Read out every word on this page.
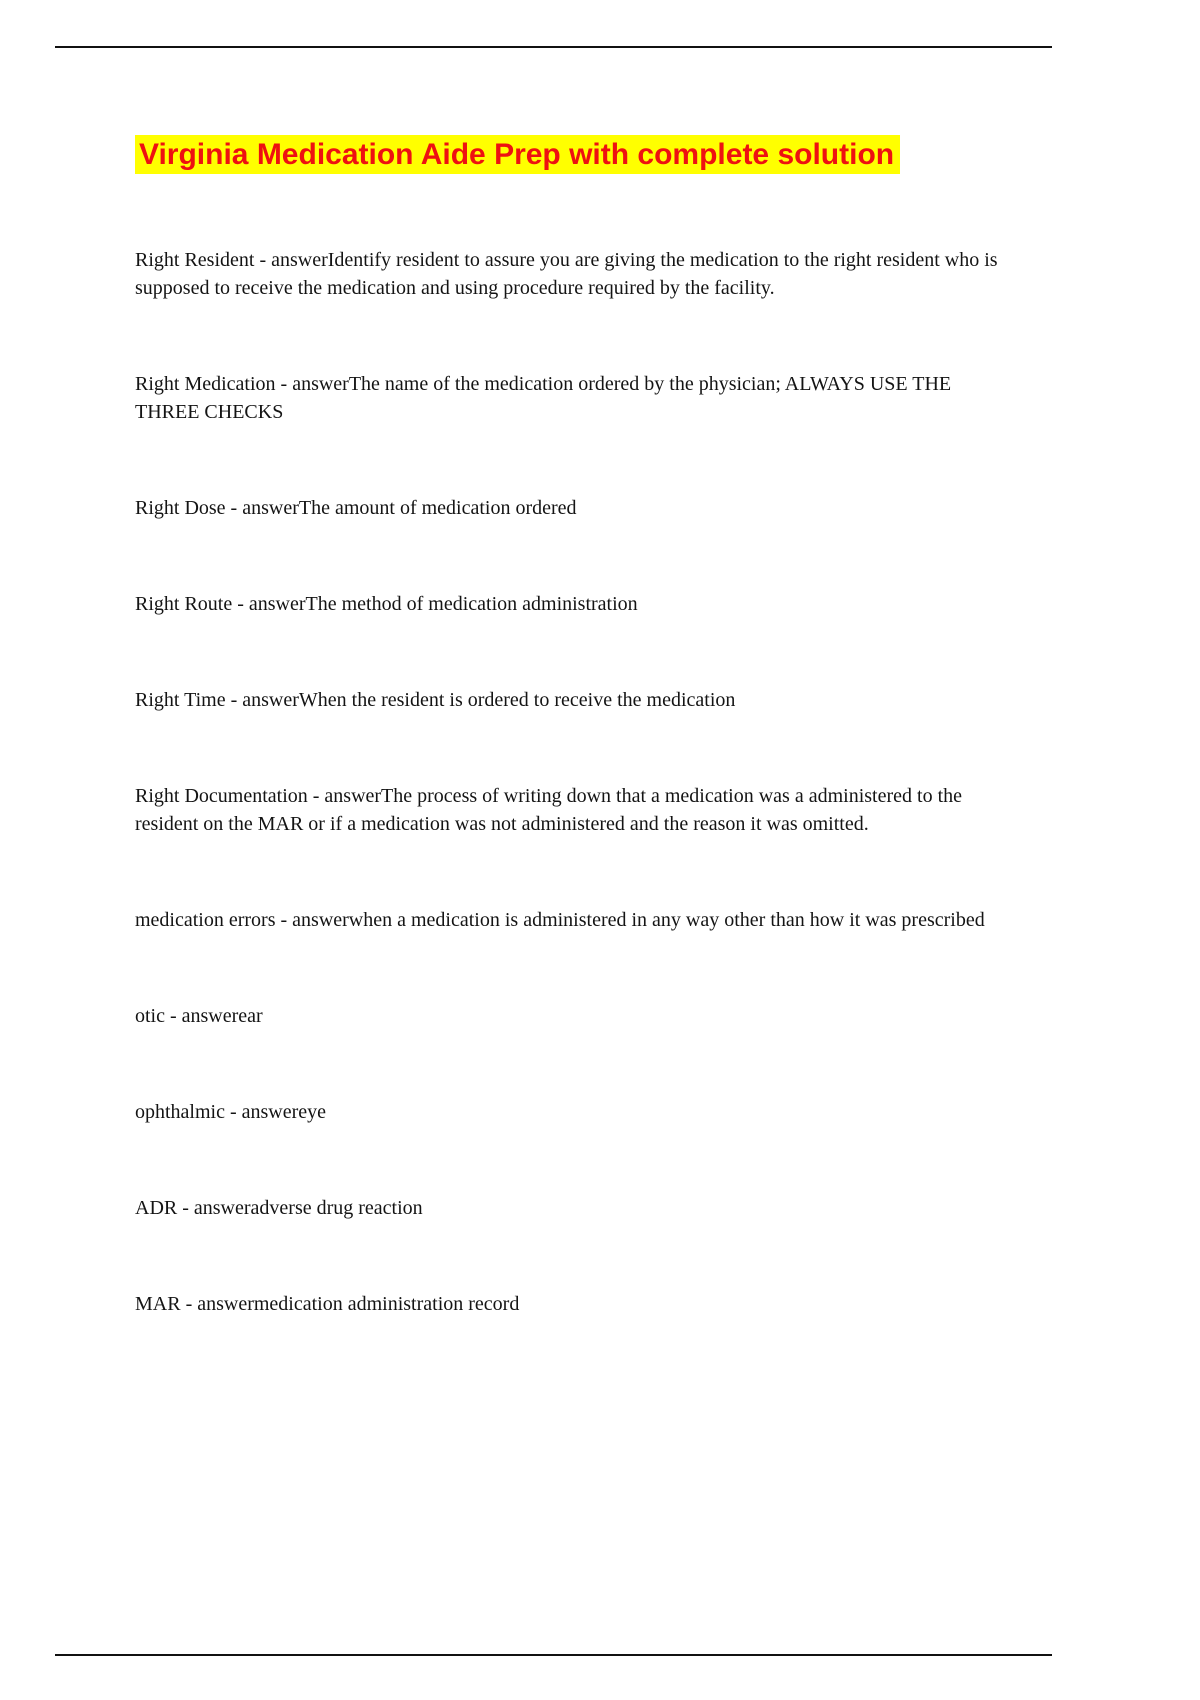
Virginia Medication Aide Prep with complete solution

Right Resident - answerIdentify resident to assure you are giving the medication to the right resident who is supposed to receive the medication and using procedure required by the facility.

Right Medication - answerThe name of the medication ordered by the physician; ALWAYS USE THE THREE CHECKS

Right Dose - answerThe amount of medication ordered

Right Route - answerThe method of medication administration

Right Time - answerWhen the resident is ordered to receive the medication

Right Documentation - answerThe process of writing down that a medication was a administered to the resident on the MAR or if a medication was not administered and the reason it was omitted.

medication errors - answerwhen a medication is administered in any way other than how it was prescribed

otic - answerear

ophthalmic - answereye

ADR - answeradverse drug reaction

MAR - answermedication administration record
